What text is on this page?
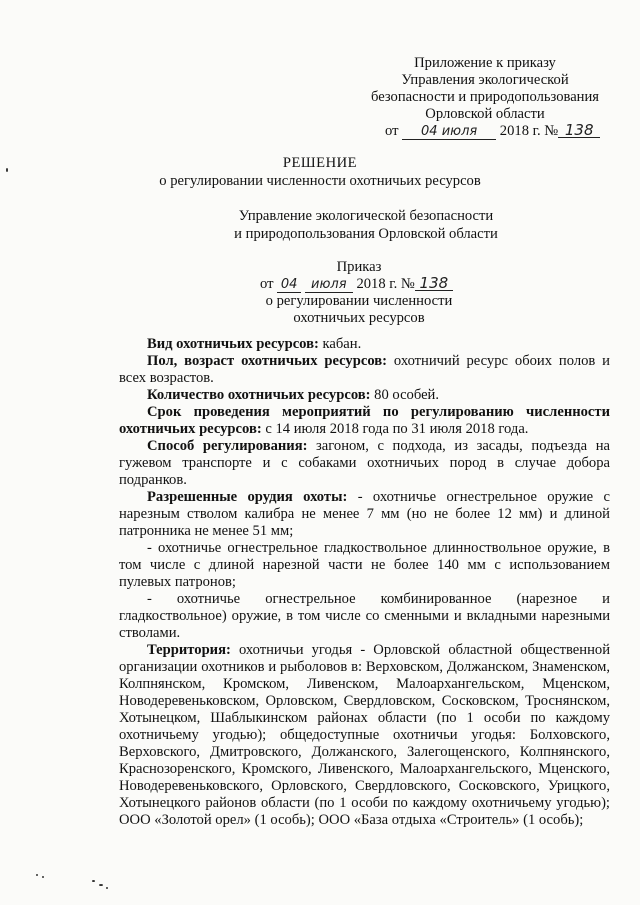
Приложение к приказу
Управления экологической
безопасности и природопользования
Орловской области
от 04 июля 2018 г. № 138
РЕШЕНИЕ
о регулировании численности охотничьих ресурсов
Управление экологической безопасности
и природопользования Орловской области
Приказ
от 04 июля 2018 г. № 138
о регулировании численности
охотничьих ресурсов

Вид охотничьих ресурсов: кабан.

Пол, возраст охотничьих ресурсов: охотничий ресурс обоих полов и всех возрастов.

Количество охотничьих ресурсов: 80 особей.

Срок проведения мероприятий по регулированию численности охотничьих ресурсов: с 14 июля 2018 года по 31 июля 2018 года.

Способ регулирования: загоном, с подхода, из засады, подъезда на гужевом транспорте и с собаками охотничьих пород в случае добора подранков.

Разрешенные орудия охоты: - охотничье огнестрельное оружие с нарезным стволом калибра не менее 7 мм (но не более 12 мм) и длиной патронника не менее 51 мм;

- охотничье огнестрельное гладкоствольное длинноствольное оружие, в том числе с длиной нарезной части не более 140 мм с использованием пулевых патронов;

- охотничье огнестрельное комбинированное (нарезное и гладкоствольное) оружие, в том числе со сменными и вкладными нарезными стволами.

Территория: охотничьи угодья - Орловской областной общественной организации охотников и рыболовов в: Верховском, Должанском, Знаменском, Колпнянском, Кромском, Ливенском, Малоархангельском, Мценском, Новодеревеньковском, Орловском, Свердловском, Сосковском, Троснянском, Хотынецком, Шаблыкинском районах области (по 1 особи по каждому охотничьему угодью); общедоступные охотничьи угодья: Болховского, Верховского, Дмитровского, Должанского, Залегощенского, Колпнянского, Краснозоренского, Кромского, Ливенского, Малоархангельского, Мценского, Новодеревеньковского, Орловского, Свердловского, Сосковского, Урицкого, Хотынецкого районов области (по 1 особи по каждому охотничьему угодью); ООО «Золотой орел» (1 особь); ООО «База отдыха «Строитель» (1 особь);
